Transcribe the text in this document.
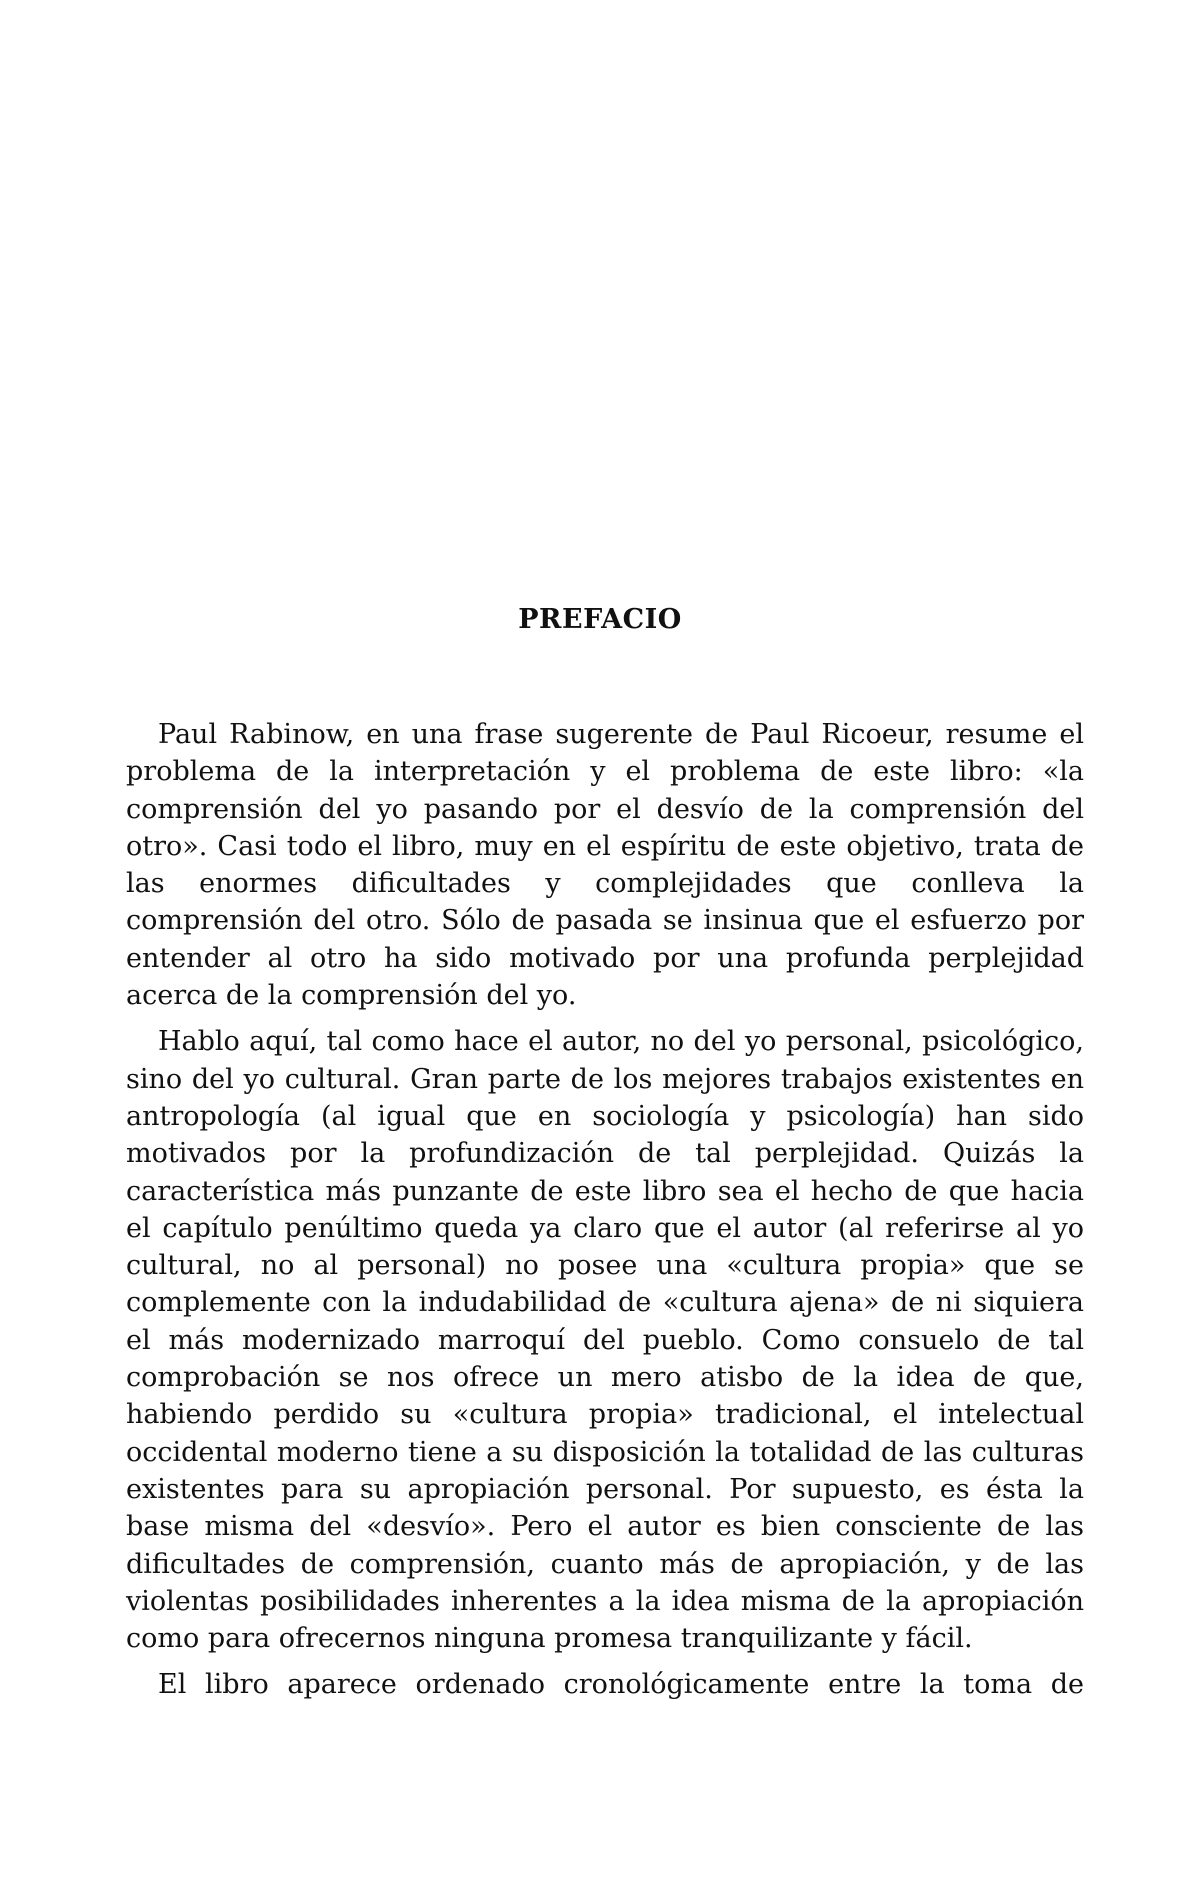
PREFACIO

Paul Rabinow, en una frase sugerente de Paul Ricoeur, resume el problema de la interpretación y el problema de este libro: «la comprensión del yo pasando por el desvío de la comprensión del otro». Casi todo el libro, muy en el espíritu de este objetivo, trata de las enormes dificultades y complejidades que conlleva la comprensión del otro. Sólo de pasada se insinua que el esfuerzo por entender al otro ha sido motivado por una profunda perplejidad acerca de la comprensión del yo.

Hablo aquí, tal como hace el autor, no del yo personal, psicológico, sino del yo cultural. Gran parte de los mejores trabajos existentes en antropología (al igual que en sociología y psicología) han sido motivados por la profundización de tal perplejidad. Quizás la característica más punzante de este libro sea el hecho de que hacia el capítulo penúltimo queda ya claro que el autor (al referirse al yo cultural, no al personal) no posee una «cultura propia» que se complemente con la indudabilidad de «cultura ajena» de ni siquiera el más modernizado marroquí del pueblo. Como consuelo de tal comprobación se nos ofrece un mero atisbo de la idea de que, habiendo perdido su «cultura propia» tradicional, el intelectual occidental moderno tiene a su disposición la totalidad de las culturas existentes para su apropiación personal. Por supuesto, es ésta la base misma del «desvío». Pero el autor es bien consciente de las dificultades de comprensión, cuanto más de apropiación, y de las violentas posibilidades inherentes a la idea misma de la apropiación como para ofrecernos ninguna promesa tranquilizante y fácil.

El libro aparece ordenado cronológicamente entre la toma de
